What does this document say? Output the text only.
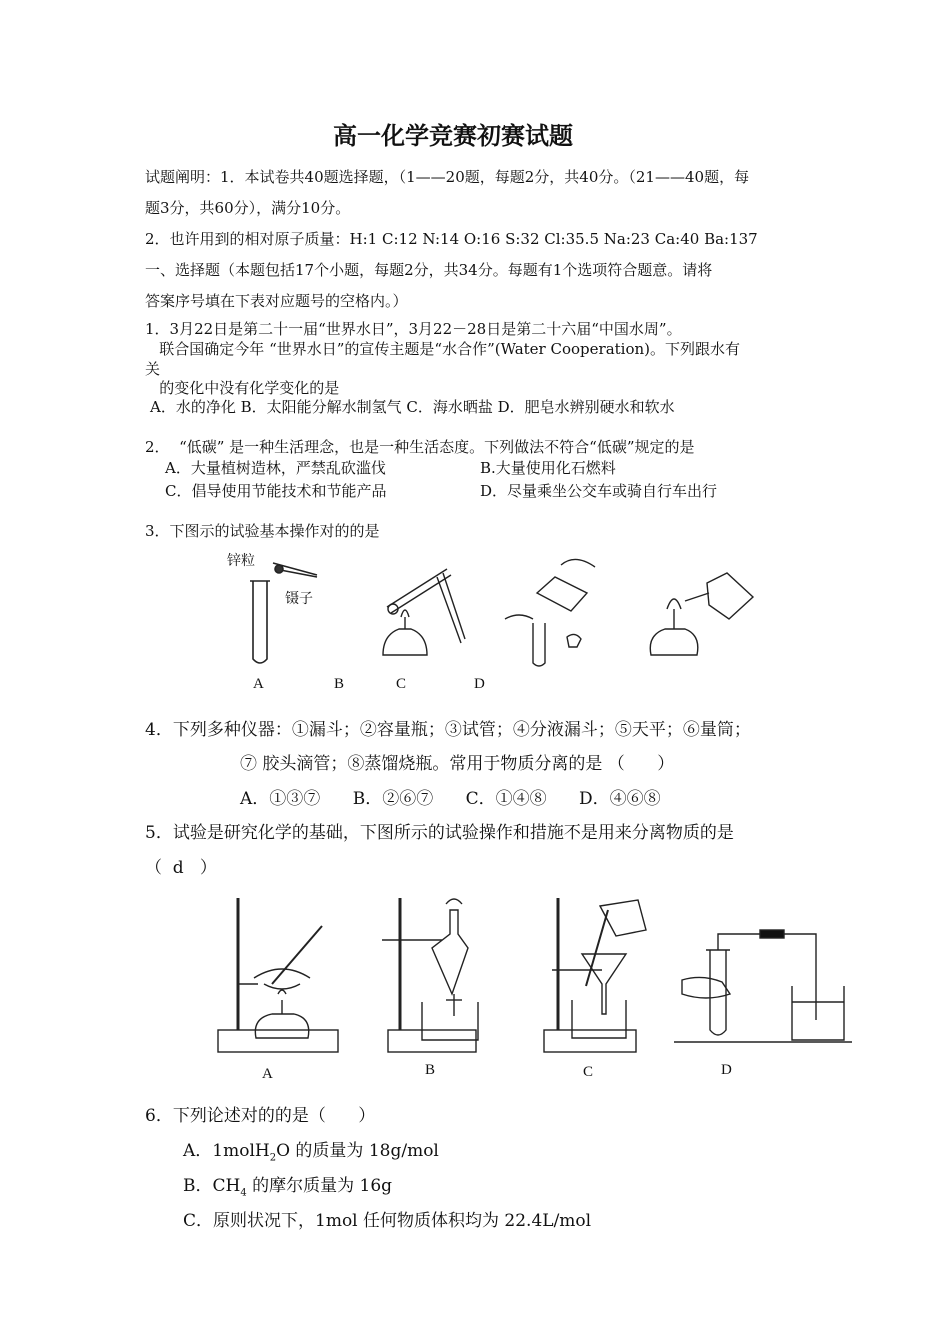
高一化学竞赛初赛试题
试题阐明：1．本试卷共40题选择题，（1——20题，每题2分，共40分。（21——40题，每
题3分，共60分），满分10分。
2．也许用到的相对原子质量：H:1 C:12 N:14 O:16 S:32 Cl:35.5 Na:23 Ca:40 Ba:137
一、选择题（本题包括17个小题，每题2分，共34分。每题有1个选项符合题意。请将
答案序号填在下表对应题号的空格内。）
1．3月22日是第二十一届“世界水日”，3月22－28日是第二十六届“中国水周”。
联合国确定今年 “世界水日”的宣传主题是“水合作”(Water Cooperation)。下列跟水有
关
的变化中没有化学变化的是
A．水的净化 B．太阳能分解水制氢气 C．海水晒盐 D．肥皂水辨别硬水和软水
2．  “低碳” 是一种生活理念，也是一种生活态度。下列做法不符合“低碳”规定的是
A．大量植树造林，严禁乱砍滥伐	B.大量使用化石燃料
C．倡导使用节能技术和节能产品	D．尽量乘坐公交车或骑自行车出行
3．下图示的试验基本操作对的的是
锌粒
镊子
A	B	C	D
4．下列多种仪器：①漏斗；②容量瓶；③试管；④分液漏斗；⑤天平；⑥量筒；
⑦ 胶头滴管；⑧蒸馏烧瓶。常用于物质分离的是 （      ）
A．①③⑦      B．②⑥⑦      C．①④⑧      D．④⑥⑧
5．试验是研究化学的基础，下图所示的试验操作和措施不是用来分离物质的是
（  d   ）
A	B	C	D
6．下列论述对的的是（      ）
A．1molH$_2$O 的质量为 18g/mol
B．$CH_4$ 的摩尔质量为 16g
C．原则状况下，1mol 任何物质体积均为 22.4L/mol
